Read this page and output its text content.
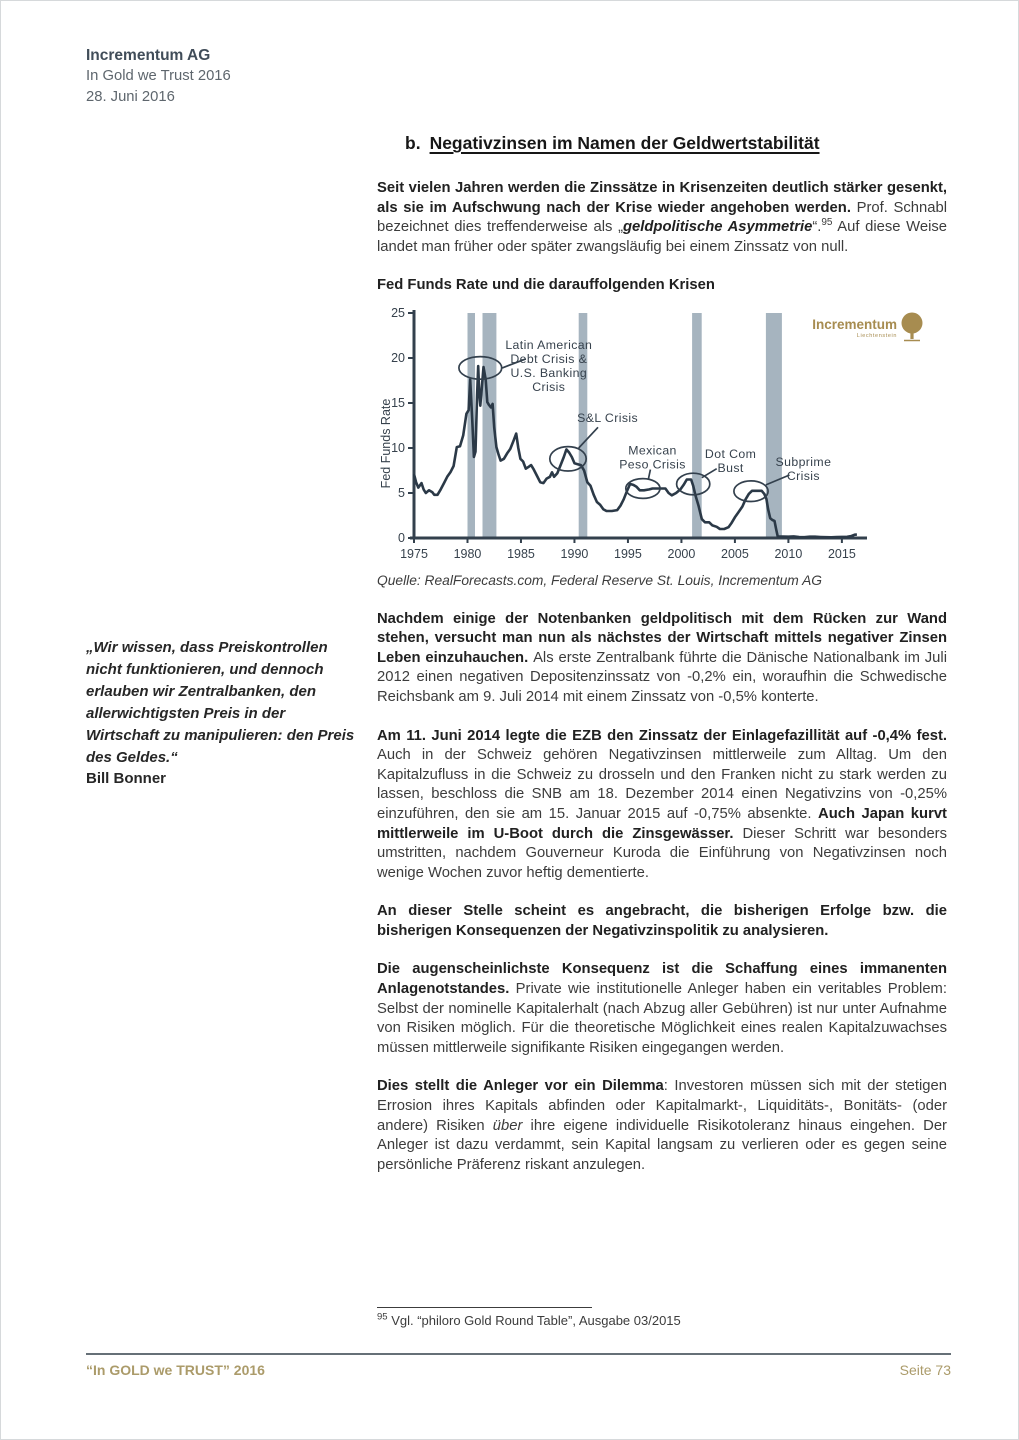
Incrementum AG
In Gold we Trust 2016
28. Juni 2016
„Wir wissen, dass Preiskontrollen nicht funktionieren, und dennoch erlauben wir Zentralbanken, den allerwichtigsten Preis in der Wirtschaft zu manipulieren: den Preis des Geldes.“
Bill Bonner
b. Negativzinsen im Namen der Geldwertstabilität

Seit vielen Jahren werden die Zinssätze in Krisenzeiten deutlich stärker gesenkt, als sie im Aufschwung nach der Krise wieder angehoben werden. Prof. Schnabl bezeichnet dies treffenderweise als „geldpolitische Asymmetrie“.$^{95}$ Auf diese Weise landet man früher oder später zwangsläufig bei einem Zinssatz von null.

Fed Funds Rate und die darauffolgenden Krisen
0
5
10
15
20
25
1975 1980 1985 1990 1995 2000 2005 2010 2015
Fed Funds Rate
Latin American Debt Crisis & U.S. Banking Crisis
S&L Crisis
Mexican Peso Crisis
Dot Com Bust	Subprime Crisis
Incrementum
Liechtenstein
Quelle: RealForecasts.com, Federal Reserve St. Louis, Incrementum AG

Nachdem einige der Notenbanken geldpolitisch mit dem Rücken zur Wand stehen, versucht man nun als nächstes der Wirtschaft mittels negativer Zinsen Leben einzuhauchen. Als erste Zentralbank führte die Dänische Nationalbank im Juli 2012 einen negativen Depositenzinssatz von -0,2% ein, woraufhin die Schwedische Reichsbank am 9. Juli 2014 mit einem Zinssatz von -0,5% konterte.

Am 11. Juni 2014 legte die EZB den Zinssatz der Einlagefazillität auf -0,4% fest. Auch in der Schweiz gehören Negativzinsen mittlerweile zum Alltag. Um den Kapitalzufluss in die Schweiz zu drosseln und den Franken nicht zu stark werden zu lassen, beschloss die SNB am 18. Dezember 2014 einen Negativzins von -0,25% einzuführen, den sie am 15. Januar 2015 auf -0,75% absenkte. Auch Japan kurvt mittlerweile im U-Boot durch die Zinsgewässer. Dieser Schritt war besonders umstritten, nachdem Gouverneur Kuroda die Einführung von Negativzinsen noch wenige Wochen zuvor heftig dementierte.

An dieser Stelle scheint es angebracht, die bisherigen Erfolge bzw. die bisherigen Konsequenzen der Negativzinspolitik zu analysieren.

Die augenscheinlichste Konsequenz ist die Schaffung eines immanenten Anlagenotstandes. Private wie institutionelle Anleger haben ein veritables Problem: Selbst der nominelle Kapitalerhalt (nach Abzug aller Gebühren) ist nur unter Aufnahme von Risiken möglich. Für die theoretische Möglichkeit eines realen Kapitalzuwachses müssen mittlerweile signifikante Risiken eingegangen werden.

Dies stellt die Anleger vor ein Dilemma: Investoren müssen sich mit der stetigen Errosion ihres Kapitals abfinden oder Kapitalmarkt-, Liquiditäts-, Bonitäts- (oder andere) Risiken über ihre eigene individuelle Risikotoleranz hinaus eingehen. Der Anleger ist dazu verdammt, sein Kapital langsam zu verlieren oder es gegen seine persönliche Präferenz riskant anzulegen.

$^{95}$ Vgl. “philoro Gold Round Table”, Ausgabe 03/2015
“In GOLD we TRUST” 2016	Seite 73
